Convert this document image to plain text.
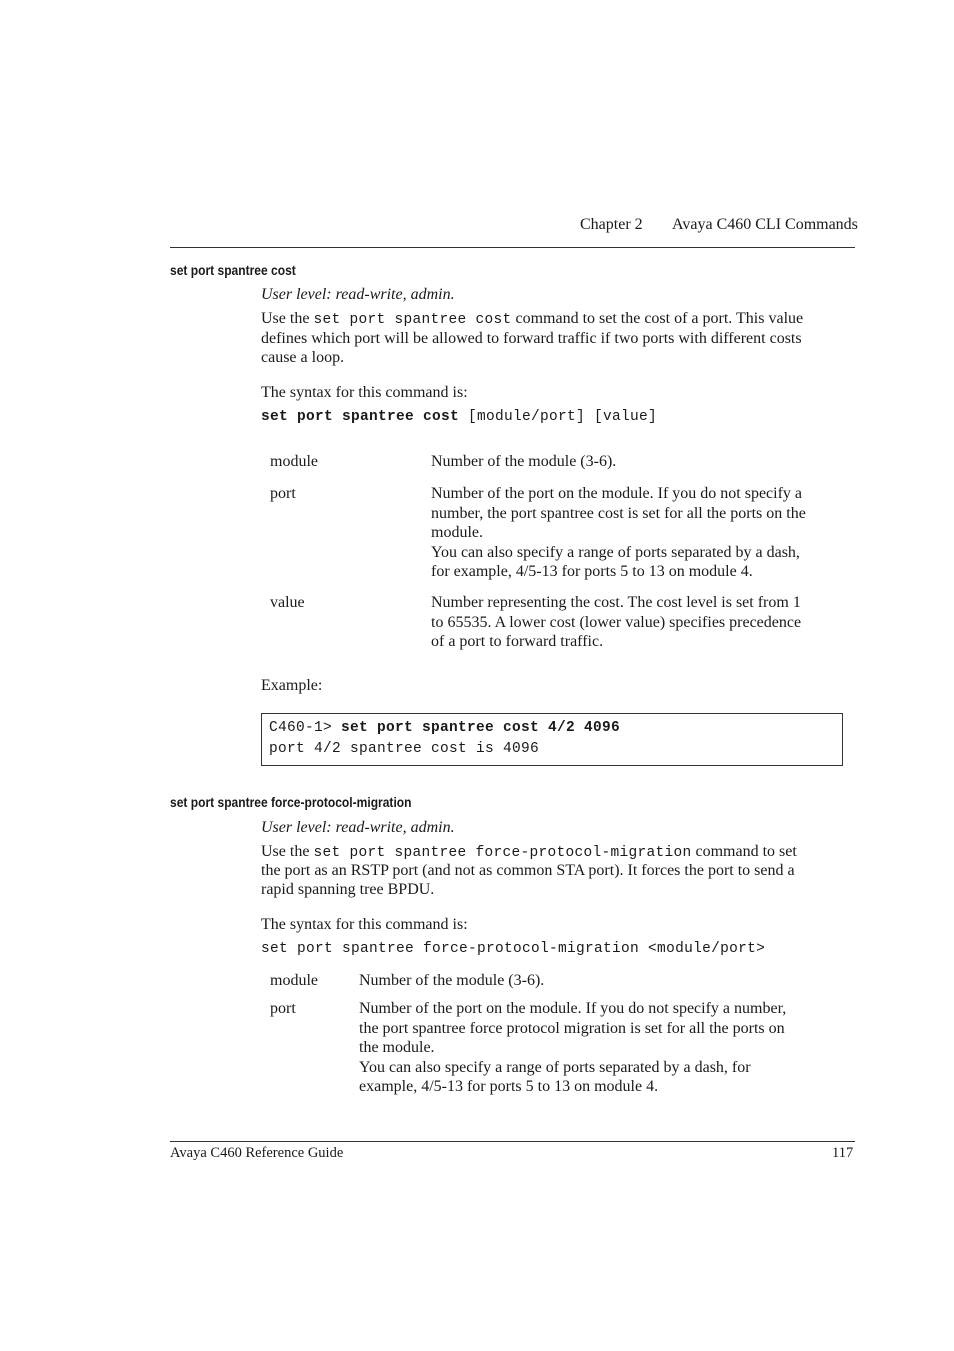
Chapter 2 Avaya C460 CLI Commands
set port spantree cost
User level: read-write, admin.
Use the set port spantree cost command to set the cost of a port. This value
defines which port will be allowed to forward traffic if two ports with different costs
cause a loop.
The syntax for this command is:
set port spantree cost [module/port] [value]
module	Number of the module (3-6).
port	Number of the port on the module. If you do not specify a
number, the port spantree cost is set for all the ports on the
module.
You can also specify a range of ports separated by a dash,
for example, 4/5-13 for ports 5 to 13 on module 4.
value	Number representing the cost. The cost level is set from 1
to 65535. A lower cost (lower value) specifies precedence
of a port to forward traffic.
Example:
C460-1> set port spantree cost 4/2 4096
port 4/2 spantree cost is 4096
set port spantree force-protocol-migration
User level: read-write, admin.
Use the set port spantree force-protocol-migration command to set
the port as an RSTP port (and not as common STA port). It forces the port to send a
rapid spanning tree BPDU.
The syntax for this command is:
set port spantree force-protocol-migration <module/port>
module	Number of the module (3-6).
port	Number of the port on the module. If you do not specify a number,
the port spantree force protocol migration is set for all the ports on
the module.
You can also specify a range of ports separated by a dash, for
example, 4/5-13 for ports 5 to 13 on module 4.
Avaya C460 Reference Guide	117
